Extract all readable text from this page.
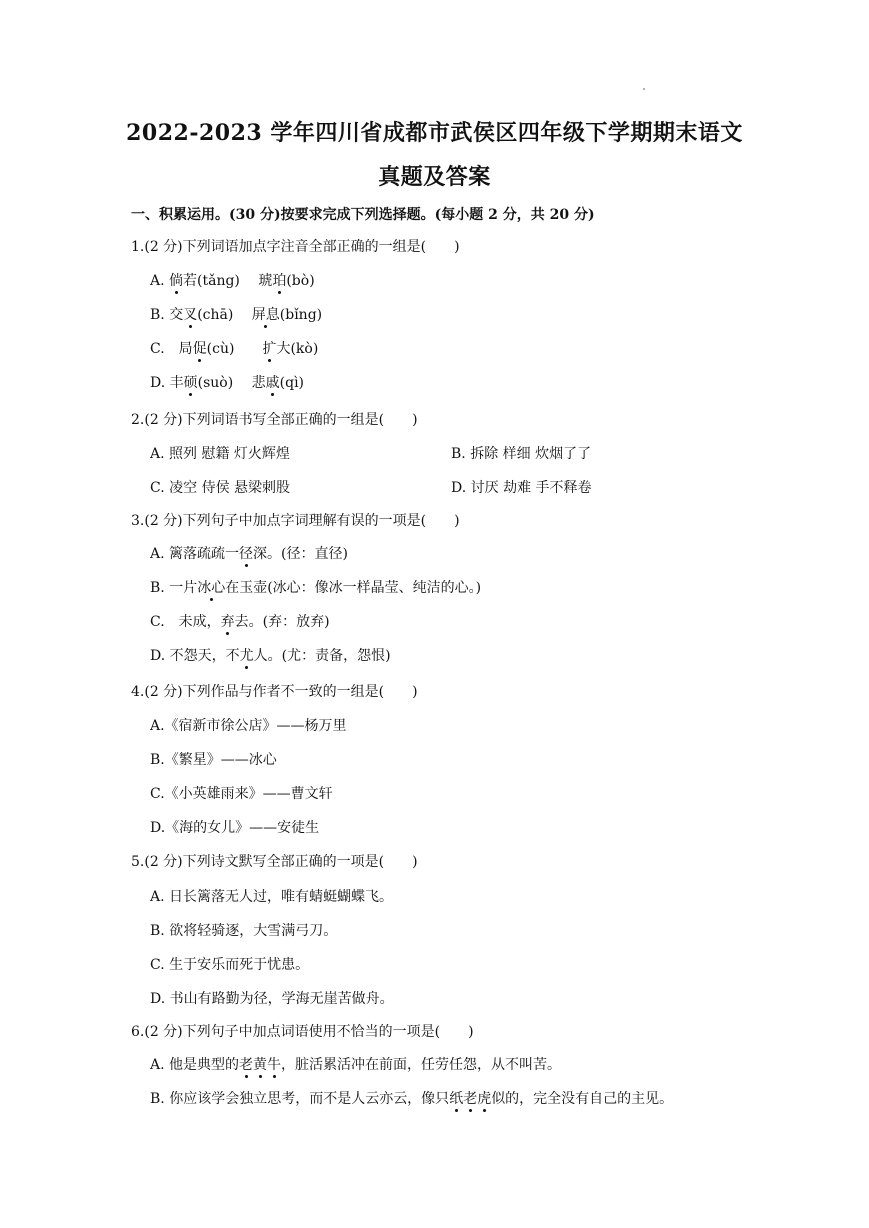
2022-2023 学年四川省成都市武侯区四年级下学期期末语文
真题及答案
一、积累运用。(30 分)按要求完成下列选择题。(每小题 2 分，共 20 分)
1.(2 分)下列词语加点字注音全部正确的一组是(　　)
A. 倘若(tǎng)　 琥珀(bò)
B. 交叉(chā)　 屏息(bǐng)
C.　局促(cù)　　扩大(kò)
D. 丰硕(suò)　 悲戚(qì)
2.(2 分)下列词语书写全部正确的一组是(　　)
A. 照列 慰籍 灯火辉煌	B. 拆除 样细 炊烟了了
C. 凌空 侍侯 悬梁刺股	D. 讨厌 劫难 手不释卷
3.(2 分)下列句子中加点字词理解有误的一项是(　　)
A. 篱落疏疏一径深。(径：直径)
B. 一片冰心在玉壶(冰心：像冰一样晶莹、纯洁的心。)
C.　未成，弃去。(弃：放弃)
D. 不怨天，不尤人。(尤：责备，怨恨)
4.(2 分)下列作品与作者不一致的一组是(　　)
A.《宿新市徐公店》——杨万里
B.《繁星》——冰心
C.《小英雄雨来》——曹文轩
D.《海的女儿》——安徒生
5.(2 分)下列诗文默写全部正确的一项是(　　)
A. 日长篱落无人过，唯有蜻蜓蝴蝶飞。
B. 欲将轻骑逐，大雪满弓刀。
C. 生于安乐而死于忧患。
D. 书山有路勤为径，学海无崖苦做舟。
6.(2 分)下列句子中加点词语使用不恰当的一项是(　　)
A. 他是典型的老黄牛，脏活累活冲在前面，任劳任怨，从不叫苦。
B. 你应该学会独立思考，而不是人云亦云，像只纸老虎似的，完全没有自己的主见。
